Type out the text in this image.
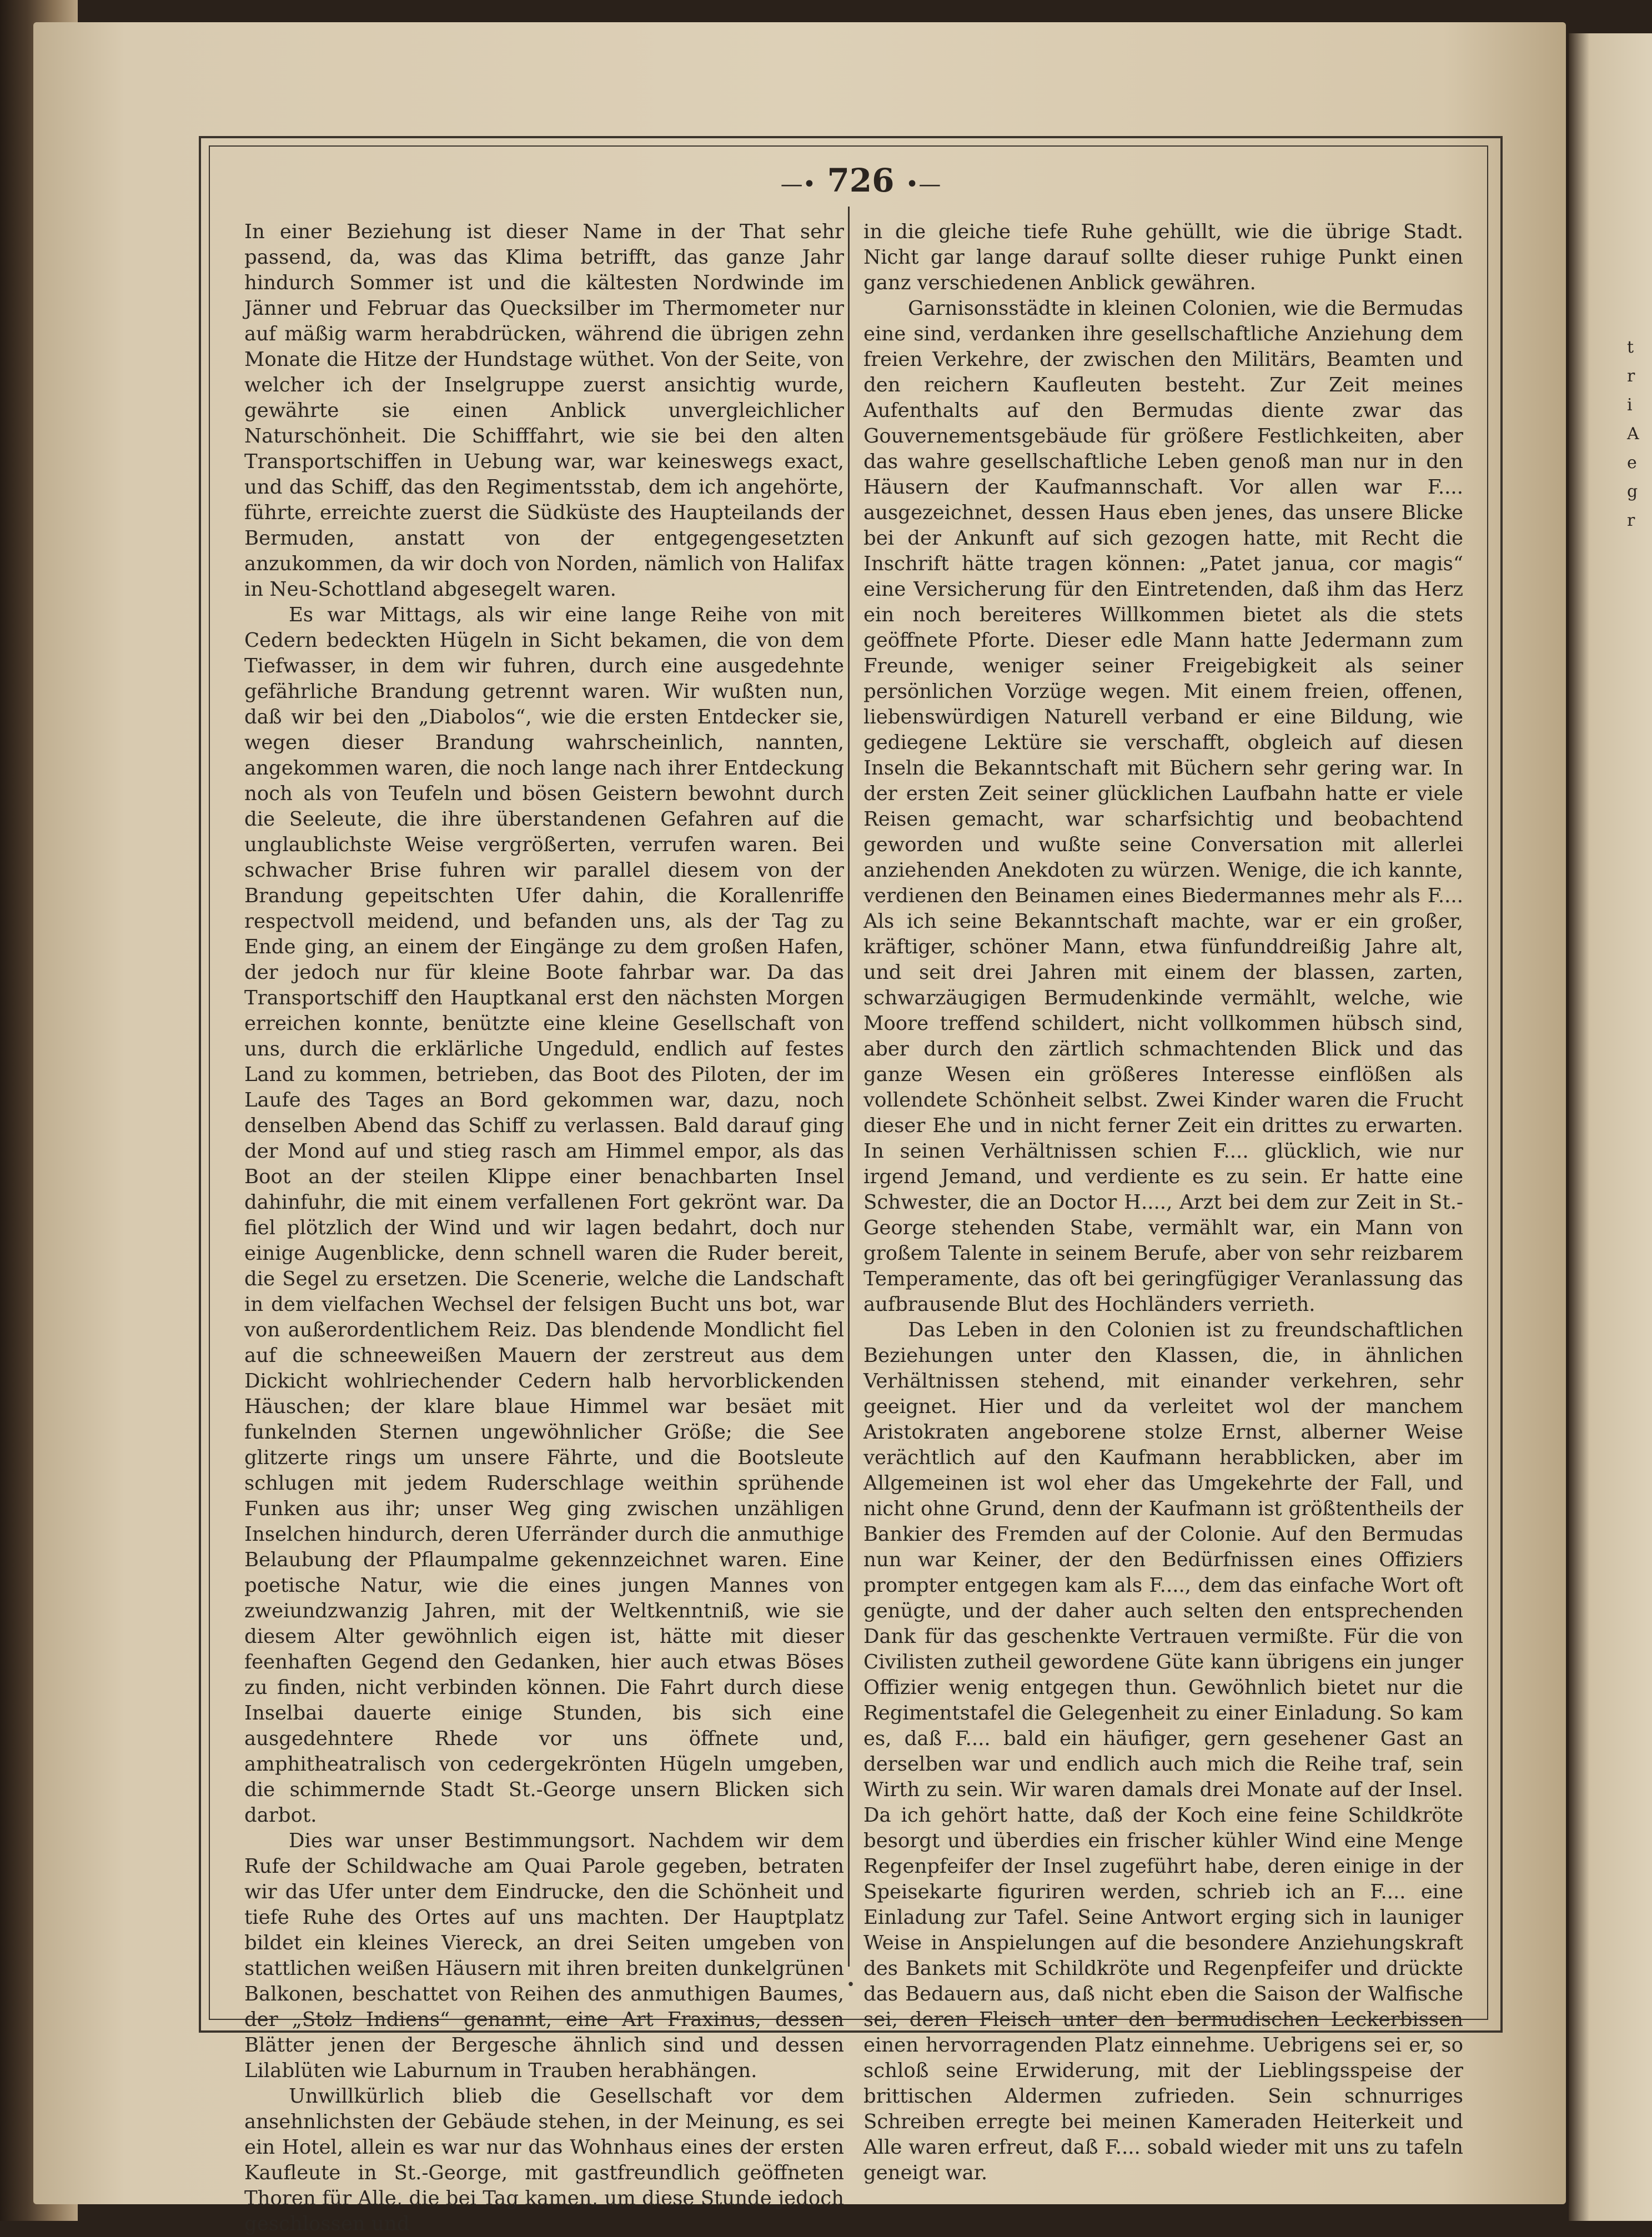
t
r
i
A
e
g
r
—• 726 •—

In einer Beziehung ist dieser Name in der That sehr passend, da, was das Klima betrifft, das ganze Jahr hindurch Sommer ist und die kältesten Nordwinde im Jänner und Februar das Quecksilber im Thermometer nur auf mäßig warm herabdrücken, während die übrigen zehn Monate die Hitze der Hundstage wüthet. Von der Seite, von welcher ich der Inselgruppe zuerst ansichtig wurde, gewährte sie einen Anblick unvergleichlicher Naturschönheit. Die Schifffahrt, wie sie bei den alten Transportschiffen in Uebung war, war keineswegs exact, und das Schiff, das den Regimentsstab, dem ich angehörte, führte, erreichte zuerst die Südküste des Haupteilands der Bermuden, anstatt von der entgegengesetzten anzukommen, da wir doch von Norden, nämlich von Halifax in Neu-Schottland abgesegelt waren.

Es war Mittags, als wir eine lange Reihe von mit Cedern bedeckten Hügeln in Sicht bekamen, die von dem Tiefwasser, in dem wir fuhren, durch eine ausgedehnte gefährliche Brandung getrennt waren. Wir wußten nun, daß wir bei den „Diabolos“, wie die ersten Entdecker sie, wegen dieser Brandung wahrscheinlich, nannten, angekommen waren, die noch lange nach ihrer Entdeckung noch als von Teufeln und bösen Geistern bewohnt durch die Seeleute, die ihre überstandenen Gefahren auf die unglaublichste Weise vergrößerten, verrufen waren. Bei schwacher Brise fuhren wir parallel diesem von der Brandung gepeitschten Ufer dahin, die Korallenriffe respectvoll meidend, und befanden uns, als der Tag zu Ende ging, an einem der Eingänge zu dem großen Hafen, der jedoch nur für kleine Boote fahrbar war. Da das Transportschiff den Hauptkanal erst den nächsten Morgen erreichen konnte, benützte eine kleine Gesellschaft von uns, durch die erklärliche Ungeduld, endlich auf festes Land zu kommen, betrieben, das Boot des Piloten, der im Laufe des Tages an Bord gekommen war, dazu, noch denselben Abend das Schiff zu verlassen. Bald darauf ging der Mond auf und stieg rasch am Himmel empor, als das Boot an der steilen Klippe einer benachbarten Insel dahinfuhr, die mit einem verfallenen Fort gekrönt war. Da fiel plötzlich der Wind und wir lagen bedahrt, doch nur einige Augenblicke, denn schnell waren die Ruder bereit, die Segel zu ersetzen. Die Scenerie, welche die Landschaft in dem vielfachen Wechsel der felsigen Bucht uns bot, war von außerordentlichem Reiz. Das blendende Mondlicht fiel auf die schneeweißen Mauern der zerstreut aus dem Dickicht wohlriechender Cedern halb hervorblickenden Häuschen; der klare blaue Himmel war besäet mit funkelnden Sternen ungewöhnlicher Größe; die See glitzerte rings um unsere Fährte, und die Bootsleute schlugen mit jedem Ruderschlage weithin sprühende Funken aus ihr; unser Weg ging zwischen unzähligen Inselchen hindurch, deren Uferränder durch die anmuthige Belaubung der Pflaumpalme gekennzeichnet waren. Eine poetische Natur, wie die eines jungen Mannes von zweiundzwanzig Jahren, mit der Weltkenntniß, wie sie diesem Alter gewöhnlich eigen ist, hätte mit dieser feenhaften Gegend den Gedanken, hier auch etwas Böses zu finden, nicht verbinden können. Die Fahrt durch diese Inselbai dauerte einige Stunden, bis sich eine ausgedehntere Rhede vor uns öffnete und, amphitheatralisch von cedergekrönten Hügeln umgeben, die schimmernde Stadt St.-George unsern Blicken sich darbot.

Dies war unser Bestimmungsort. Nachdem wir dem Rufe der Schildwache am Quai Parole gegeben, betraten wir das Ufer unter dem Eindrucke, den die Schönheit und tiefe Ruhe des Ortes auf uns machten. Der Hauptplatz bildet ein kleines Viereck, an drei Seiten umgeben von stattlichen weißen Häusern mit ihren breiten dunkelgrünen Balkonen, beschattet von Reihen des anmuthigen Baumes, der „Stolz Indiens“ genannt, eine Art Fraxinus, dessen Blätter jenen der Bergesche ähnlich sind und dessen Lilablüten wie Laburnum in Trauben herabhängen.

Unwillkürlich blieb die Gesellschaft vor dem ansehnlichsten der Gebäude stehen, in der Meinung, es sei ein Hotel, allein es war nur das Wohnhaus eines der ersten Kaufleute in St.-George, mit gastfreundlich geöffneten Thoren für Alle, die bei Tag kamen, um diese Stunde jedoch geschlossen und

in die gleiche tiefe Ruhe gehüllt, wie die übrige Stadt. Nicht gar lange darauf sollte dieser ruhige Punkt einen ganz verschiedenen Anblick gewähren.

Garnisonsstädte in kleinen Colonien, wie die Bermudas eine sind, verdanken ihre gesellschaftliche Anziehung dem freien Verkehre, der zwischen den Militärs, Beamten und den reichern Kaufleuten besteht. Zur Zeit meines Aufenthalts auf den Bermudas diente zwar das Gouvernementsgebäude für größere Festlichkeiten, aber das wahre gesellschaftliche Leben genoß man nur in den Häusern der Kaufmannschaft. Vor allen war F.... ausgezeichnet, dessen Haus eben jenes, das unsere Blicke bei der Ankunft auf sich gezogen hatte, mit Recht die Inschrift hätte tragen können: „Patet janua, cor magis“ eine Versicherung für den Eintretenden, daß ihm das Herz ein noch bereiteres Willkommen bietet als die stets geöffnete Pforte. Dieser edle Mann hatte Jedermann zum Freunde, weniger seiner Freigebigkeit als seiner persönlichen Vorzüge wegen. Mit einem freien, offenen, liebenswürdigen Naturell verband er eine Bildung, wie gediegene Lektüre sie verschafft, obgleich auf diesen Inseln die Bekanntschaft mit Büchern sehr gering war. In der ersten Zeit seiner glücklichen Laufbahn hatte er viele Reisen gemacht, war scharfsichtig und beobachtend geworden und wußte seine Conversation mit allerlei anziehenden Anekdoten zu würzen. Wenige, die ich kannte, verdienen den Beinamen eines Biedermannes mehr als F.... Als ich seine Bekanntschaft machte, war er ein großer, kräftiger, schöner Mann, etwa fünfunddreißig Jahre alt, und seit drei Jahren mit einem der blassen, zarten, schwarzäugigen Bermudenkinde vermählt, welche, wie Moore treffend schildert, nicht vollkommen hübsch sind, aber durch den zärtlich schmachtenden Blick und das ganze Wesen ein größeres Interesse einflößen als vollendete Schönheit selbst. Zwei Kinder waren die Frucht dieser Ehe und in nicht ferner Zeit ein drittes zu erwarten. In seinen Verhältnissen schien F.... glücklich, wie nur irgend Jemand, und verdiente es zu sein. Er hatte eine Schwester, die an Doctor H...., Arzt bei dem zur Zeit in St.-George stehenden Stabe, vermählt war, ein Mann von großem Talente in seinem Berufe, aber von sehr reizbarem Temperamente, das oft bei geringfügiger Veranlassung das aufbrausende Blut des Hochländers verrieth.

Das Leben in den Colonien ist zu freundschaftlichen Beziehungen unter den Klassen, die, in ähnlichen Verhältnissen stehend, mit einander verkehren, sehr geeignet. Hier und da verleitet wol der manchem Aristokraten angeborene stolze Ernst, alberner Weise verächtlich auf den Kaufmann herabblicken, aber im Allgemeinen ist wol eher das Umgekehrte der Fall, und nicht ohne Grund, denn der Kaufmann ist größtentheils der Bankier des Fremden auf der Colonie. Auf den Bermudas nun war Keiner, der den Bedürfnissen eines Offiziers prompter entgegen kam als F...., dem das einfache Wort oft genügte, und der daher auch selten den entsprechenden Dank für das geschenkte Vertrauen vermißte. Für die von Civilisten zutheil gewordene Güte kann übrigens ein junger Offizier wenig entgegen thun. Gewöhnlich bietet nur die Regimentstafel die Gelegenheit zu einer Einladung. So kam es, daß F.... bald ein häufiger, gern gesehener Gast an derselben war und endlich auch mich die Reihe traf, sein Wirth zu sein. Wir waren damals drei Monate auf der Insel. Da ich gehört hatte, daß der Koch eine feine Schildkröte besorgt und überdies ein frischer kühler Wind eine Menge Regenpfeifer der Insel zugeführt habe, deren einige in der Speisekarte figuriren werden, schrieb ich an F.... eine Einladung zur Tafel. Seine Antwort erging sich in launiger Weise in Anspielungen auf die besondere Anziehungskraft des Bankets mit Schildkröte und Regenpfeifer und drückte das Bedauern aus, daß nicht eben die Saison der Walfische sei, deren Fleisch unter den bermudischen Leckerbissen einen hervorragenden Platz einnehme. Uebrigens sei er, so schloß seine Erwiderung, mit der Lieblingsspeise der brittischen Aldermen zufrieden. Sein schnurriges Schreiben erregte bei meinen Kameraden Heiterkeit und Alle waren erfreut, daß F.... sobald wieder mit uns zu tafeln geneigt war.

•
